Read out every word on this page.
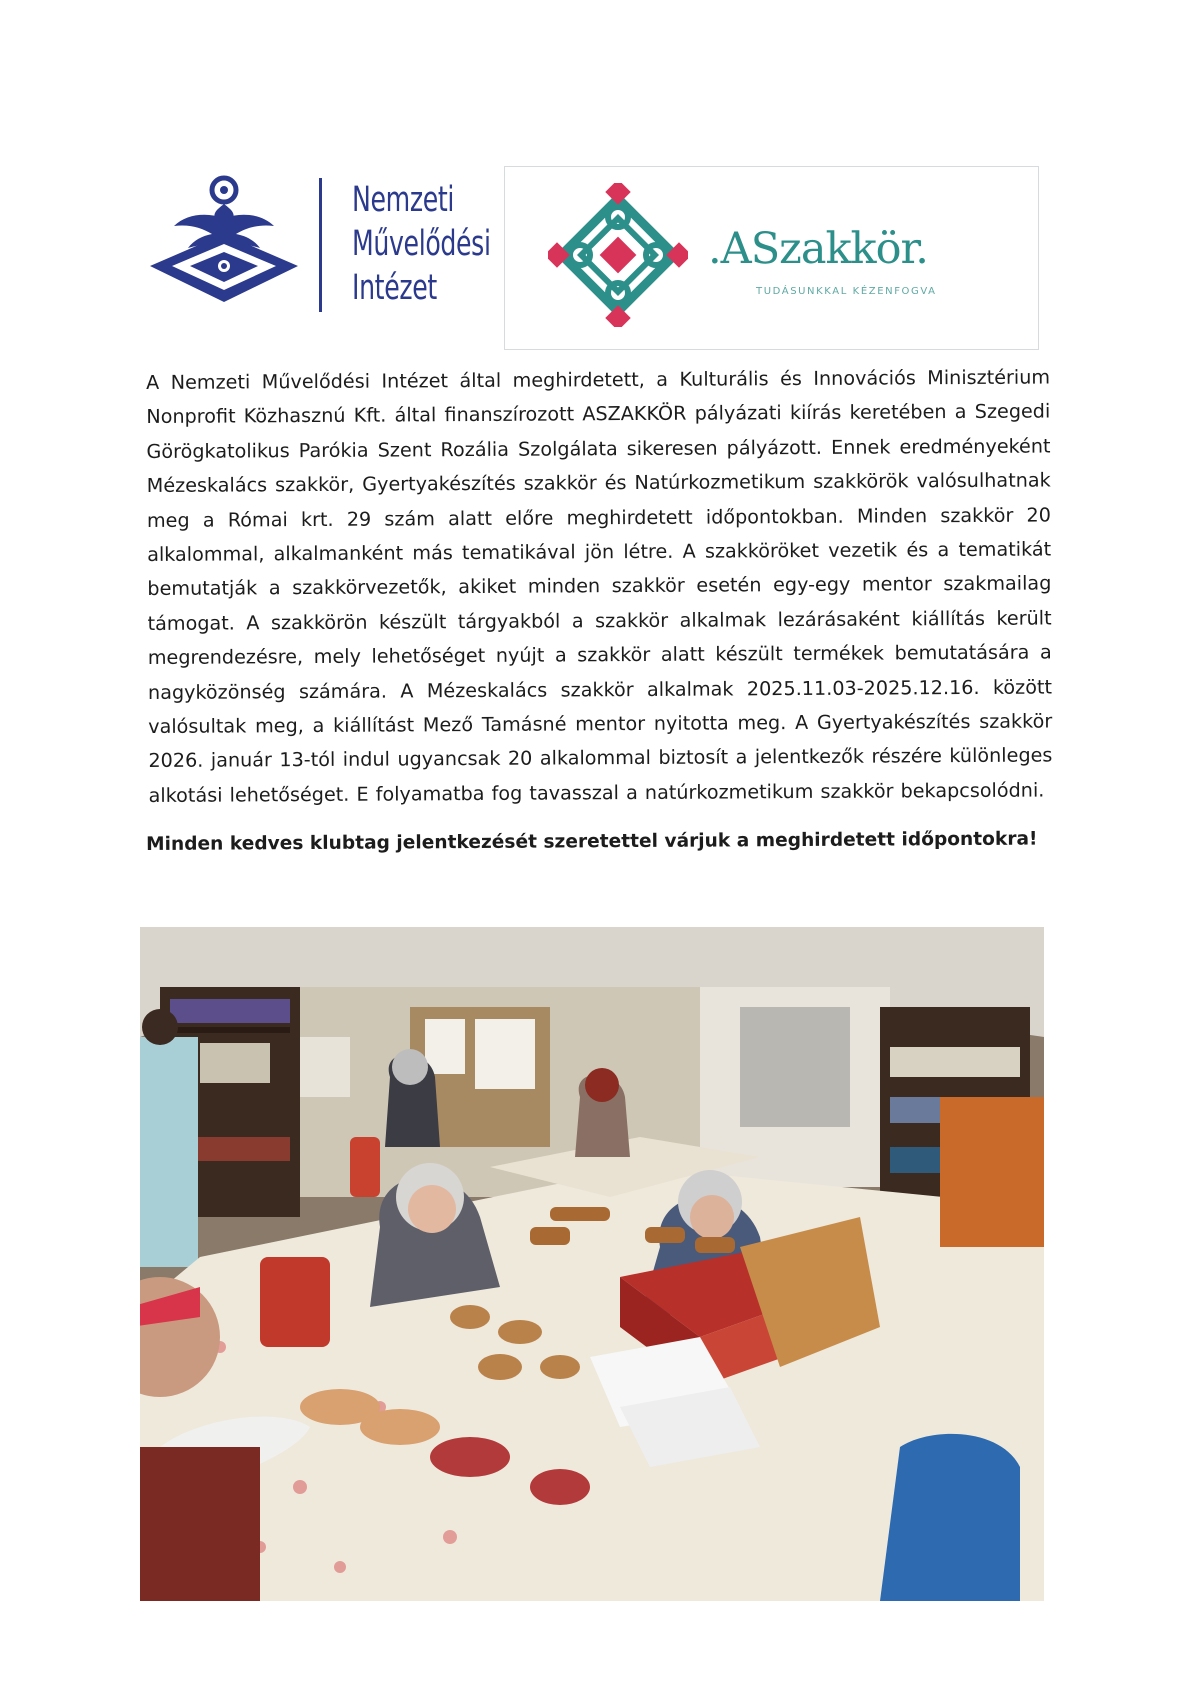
Nemzeti
Művelődési
Intézet
.ASzakkör.
TUDÁSUNKKAL KÉZENFOGVA

A Nemzeti Művelődési Intézet által meghirdetett, a Kulturális és Innovációs Minisztérium Nonprofit Közhasznú Kft. által finanszírozott ASZAKKÖR pályázati kiírás keretében a Szegedi Görögkatolikus Parókia Szent Rozália Szolgálata sikeresen pályázott. Ennek eredményeként Mézeskalács szakkör, Gyertyakészítés szakkör és Natúrkozmetikum szakkörök valósulhatnak meg a Római krt. 29 szám alatt előre meghirdetett időpontokban. Minden szakkör 20 alkalommal, alkalmanként más tematikával jön létre. A szakköröket vezetik és a tematikát bemutatják a szakkörvezetők, akiket minden szakkör esetén egy-egy mentor szakmailag támogat. A szakkörön készült tárgyakból a szakkör alkalmak lezárásaként kiállítás került megrendezésre, mely lehetőséget nyújt a szakkör alatt készült termékek bemutatására a nagyközönség számára. A Mézeskalács szakkör alkalmak 2025.11.03-2025.12.16. között valósultak meg, a kiállítást Mező Tamásné mentor nyitotta meg. A Gyertyakészítés szakkör 2026. január 13-tól indul ugyancsak 20 alkalommal biztosít a jelentkezők részére különleges alkotási lehetőséget. E folyamatba fog tavasszal a natúrkozmetikum szakkör bekapcsolódni.

Minden kedves klubtag jelentkezését szeretettel várjuk a meghirdetett időpontokra!
